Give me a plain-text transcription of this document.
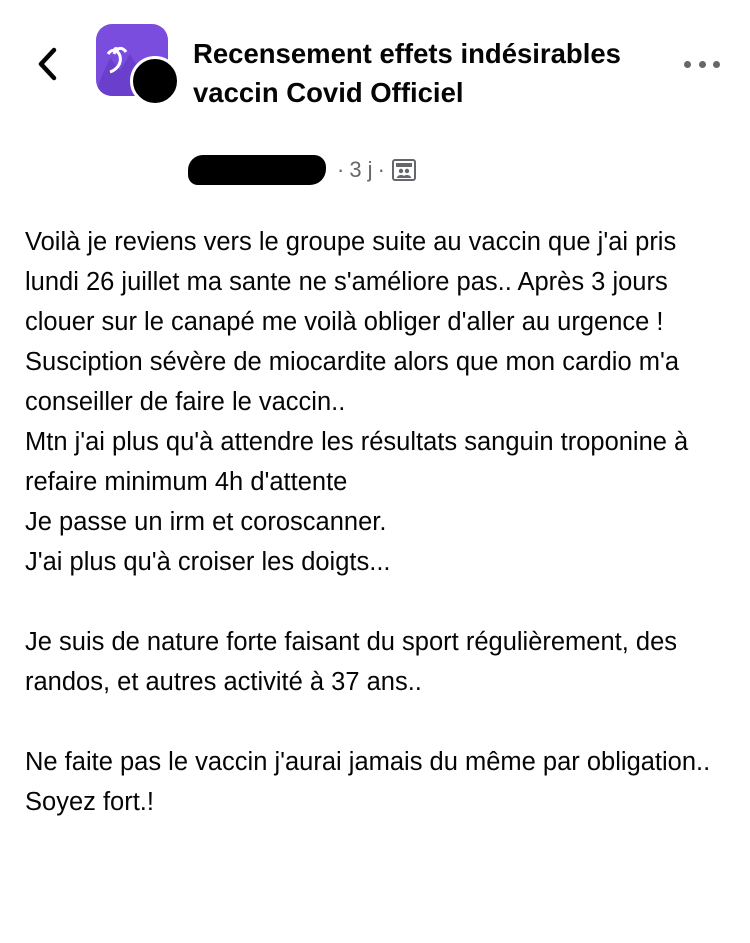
Recensement effets indésirables vaccin Covid Officiel
· 3 j ·

Voilà je reviens vers le groupe suite au vaccin que j'ai pris lundi 26 juillet ma sante ne s'améliore pas.. Après 3 jours clouer sur le canapé me voilà obliger d'aller au urgence ! Susciption sévère de miocardite alors que mon cardio m'a conseiller de faire le vaccin..

Mtn j'ai plus qu'à attendre les résultats sanguin troponine à refaire minimum 4h d'attente

Je passe un irm et coroscanner.

J'ai plus qu'à croiser les doigts...

Je suis de nature forte faisant du sport régulièrement, des randos, et autres activité à 37 ans..

Ne faite pas le vaccin j'aurai jamais du même par obligation..

Soyez fort.!
